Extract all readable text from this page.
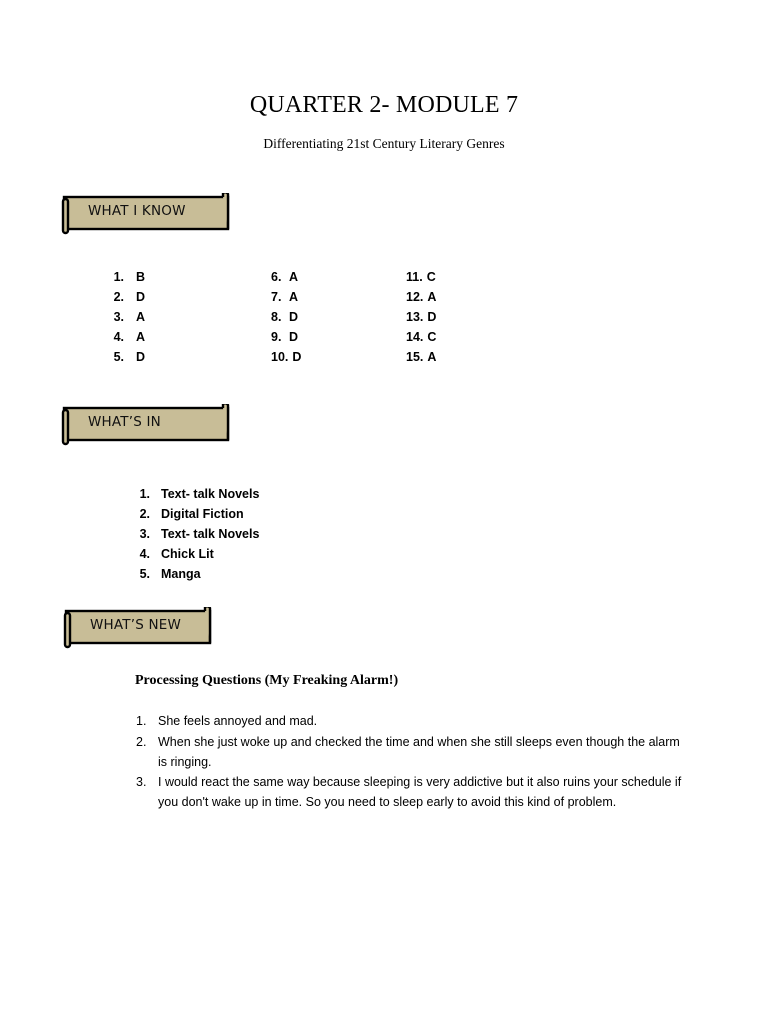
QUARTER 2- MODULE 7
Differentiating 21st Century Literary Genres
WHAT I KNOW
1. B
2. D
3. A
4. A
5. D
6. A
7. A
8. D
9. D
10. D
11. C
12. A
13. D
14. C
15. A
WHAT’S IN
1. Text- talk Novels
2. Digital Fiction
3. Text- talk Novels
4. Chick Lit
5. Manga
WHAT’S NEW
Processing Questions (My Freaking Alarm!)
1. She feels annoyed and mad.
2. When she just woke up and checked the time and when she still sleeps even though the alarm is ringing.
3. I would react the same way because sleeping is very addictive but it also ruins your schedule if you don't wake up in time. So you need to sleep early to avoid this kind of problem.
